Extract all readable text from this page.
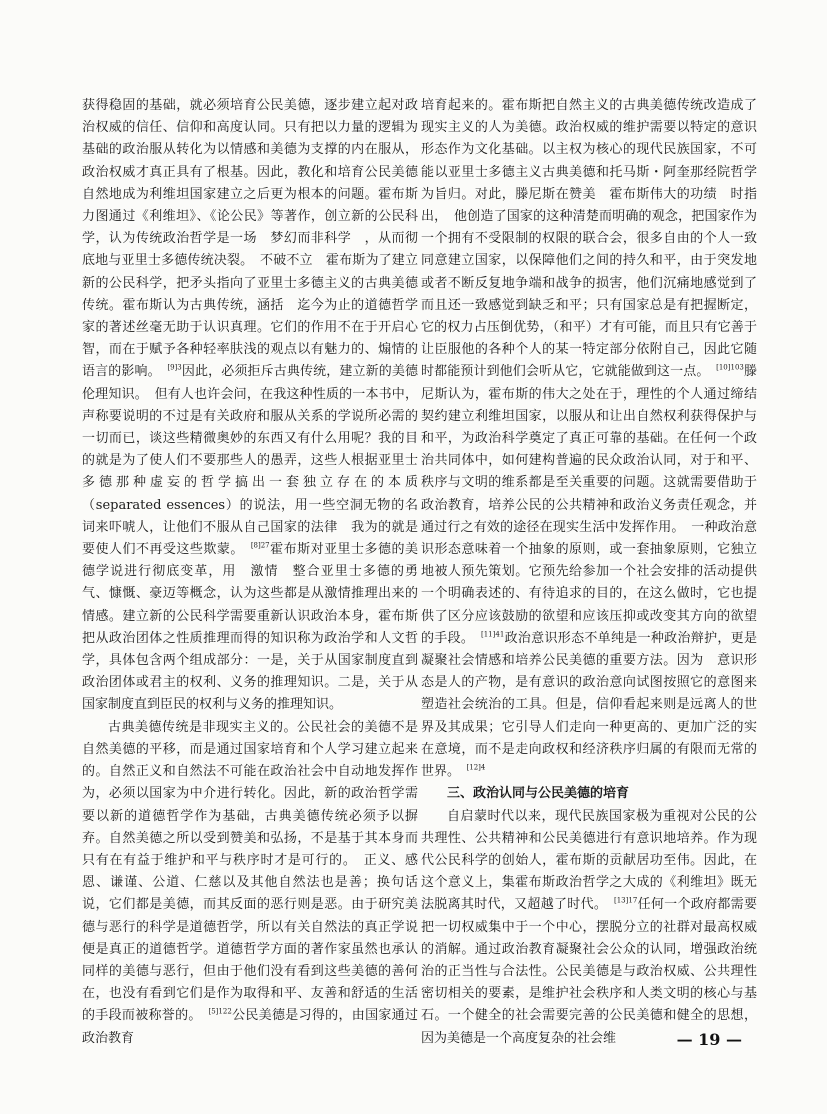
获得稳固的基础，就必须培育公民美德，逐步建立起对政治权威的信任、信仰和高度认同。只有把以力量的逻辑为基础的政治服从转化为以情感和美德为支撑的内在服从，政治权威才真正具有了根基。因此，教化和培育公民美德自然地成为利维坦国家建立之后更为根本的问题。霍布斯力图通过《利维坦》、《论公民》等著作，创立新的公民科学，认为传统政治哲学是一场　梦幻而非科学　，从而彻底地与亚里士多德传统决裂。　不破不立　霍布斯为了建立新的公民科学，把矛头指向了亚里士多德主义的古典美德传统。霍布斯认为古典传统，涵括　迄今为止的道德哲学家的著述丝毫无助于认识真理。它们的作用不在于开启心智，而在于赋予各种轻率肤浅的观点以有魅力的、煽情的语言的影响。　$^{[9]3}$因此，必须拒斥古典传统，建立新的美德伦理知识。　但有人也许会问，在我这种性质的一本书中，声称要说明的不过是有关政府和服从关系的学说所必需的一切而已，谈这些精微奥妙的东西又有什么用呢？我的目的就是为了使人们不要那些人的愚弄，这些人根据亚里士多德那种虚妄的哲学搞出一套独立存在的本质（separated essences）的说法，用一些空洞无物的名词来吓唬人，让他们不服从自己国家的法律　我为的就是要使人们不再受这些欺蒙。　$^{[8]27}$霍布斯对亚里士多德的美德学说进行彻底变革，用　激情　整合亚里士多德的勇气、慷慨、豪迈等概念，认为这些都是从激情推理出来的情感。建立新的公民科学需要重新认识政治本身，霍布斯把从政治团体之性质推理而得的知识称为政治学和人文哲学，具体包含两个组成部分：一是，关于从国家制度直到政治团体或君主的权利、义务的推理知识。二是，关于从国家制度直到臣民的权利与义务的推理知识。

古典美德传统是非现实主义的。公民社会的美德不是自然美德的平移，而是通过国家培育和个人学习建立起来的。自然正义和自然法不可能在政治社会中自动地发挥作为，必须以国家为中介进行转化。因此，新的政治哲学需要以新的道德哲学作为基础，古典美德传统必须予以摒弃。自然美德之所以受到赞美和弘扬，不是基于其本身而只有在有益于维护和平与秩序时才是可行的。　正义、感恩、谦谨、公道、仁慈以及其他自然法也是善；换句话说，它们都是美德，而其反面的恶行则是恶。由于研究美德与恶行的科学是道德哲学，所以有关自然法的真正学说便是真正的道德哲学。道德哲学方面的著作家虽然也承认同样的美德与恶行，但由于他们没有看到这些美德的善何在，也没有看到它们是作为取得和平、友善和舒适的生活的手段而被称誉的。　$^{[5]122}$公民美德是习得的，由国家通过政治教育

培育起来的。霍布斯把自然主义的古典美德传统改造成了现实主义的人为美德。政治权威的维护需要以特定的意识形态作为文化基础。以主权为核心的现代民族国家，不可能以亚里士多德主义古典美德和托马斯・阿奎那经院哲学为旨归。对此，滕尼斯在赞美　霍布斯伟大的功绩　时指出，　他创造了国家的这种清楚而明确的观念，把国家作为一个拥有不受限制的权限的联合会，很多自由的个人一致同意建立国家，以保障他们之间的持久和平，由于突发地或者不断反复地争端和战争的损害，他们沉痛地感觉到了而且还一致感觉到缺乏和平；只有国家总是有把握断定，它的权力占压倒优势，（和平）才有可能，而且只有它善于让臣服他的各种个人的某一特定部分依附自己，因此它随时都能预计到他们会听从它，它就能做到这一点。　$^{[10]103}$滕尼斯认为，霍布斯的伟大之处在于，理性的个人通过缔结契约建立利维坦国家，以服从和让出自然权利获得保护与和平，为政治科学奠定了真正可靠的基础。在任何一个政治共同体中，如何建构普遍的民众政治认同，对于和平、秩序与文明的维系都是至关重要的问题。这就需要借助于政治教育，培养公民的公共精神和政治义务责任观念，并通过行之有效的途径在现实生活中发挥作用。　一种政治意识形态意味着一个抽象的原则，或一套抽象原则，它独立地被人预先策划。它预先给参加一个社会安排的活动提供一个明确表述的、有待追求的目的，在这么做时，它也提供了区分应该鼓励的欲望和应该压抑或改变其方向的欲望的手段。　$^{[11]41}$政治意识形态不单纯是一种政治辩护，更是凝聚社会情感和培养公民美德的重要方法。因为　意识形态是人的产物，是有意识的政治意向试图按照它的意图来塑造社会统治的工具。但是，信仰看起来则是远离人的世界及其成果；它引导人们走向一种更高的、更加广泛的实在意境，而不是走向政权和经济秩序归属的有限而无常的世界。　$^{[12]4}$

三、政治认同与公民美德的培育

自启蒙时代以来，现代民族国家极为重视对公民的公共理性、公共精神和公民美德进行有意识地培养。作为现代公民科学的创始人，霍布斯的贡献居功至伟。因此，在这个意义上，集霍布斯政治哲学之大成的《利维坦》既无法脱离其时代，又超越了时代。　$^{[13]17}$任何一个政府都需要把一切权威集中于一个中心，摆脱分立的社群对最高权威的消解。通过政治教育凝聚社会公众的认同，增强政治统治的正当性与合法性。公民美德是与政治权威、公共理性密切相关的要素，是维护社会秩序和人类文明的核心与基石。一个健全的社会需要完善的公民美德和健全的思想，因为美德是一个高度复杂的社会维	— 19 —
